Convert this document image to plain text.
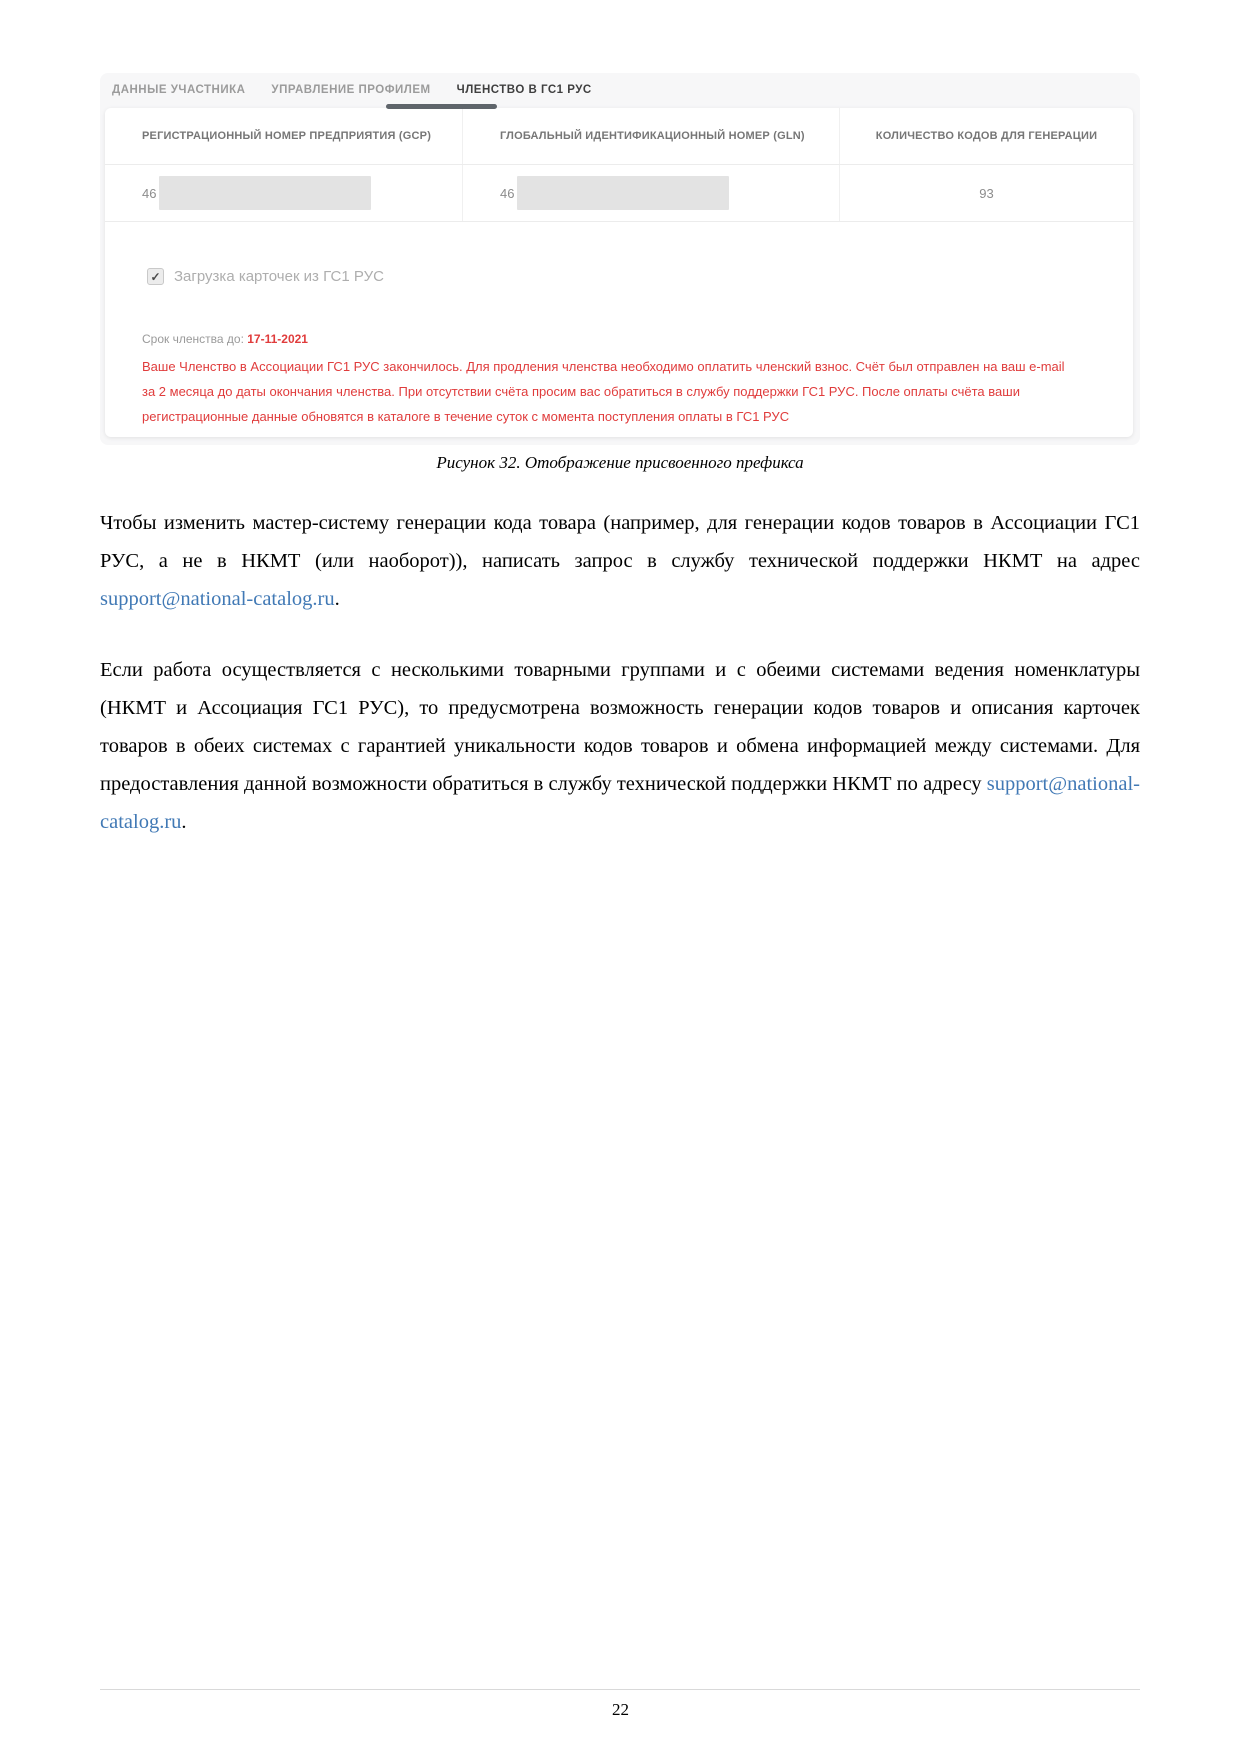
ДАННЫЕ УЧАСТНИКА УПРАВЛЕНИЕ ПРОФИЛЕМ ЧЛЕНСТВО В ГС1 РУС
РЕГИСТРАЦИОННЫЙ НОМЕР ПРЕДПРИЯТИЯ (GCP)	ГЛОБАЛЬНЫЙ ИДЕНТИФИКАЦИОННЫЙ НОМЕР (GLN)	КОЛИЧЕСТВО КОДОВ ДЛЯ ГЕНЕРАЦИИ
46	46	93
✓ Загрузка карточек из ГС1 РУС
Срок членства до: 17-11-2021
Ваше Членство в Ассоциации ГС1 РУС закончилось. Для продления членства необходимо оплатить членский взнос. Счёт был отправлен на ваш e-mail за 2 месяца до даты окончания членства. При отсутствии счёта просим вас обратиться в службу поддержки ГС1 РУС. После оплаты счёта ваши регистрационные данные обновятся в каталоге в течение суток с момента поступления оплаты в ГС1 РУС
Рисунок 32. Отображение присвоенного префикса

Чтобы изменить мастер-систему генерации кода товара (например, для генерации кодов товаров в Ассоциации ГС1 РУС, а не в НКМТ (или наоборот)), написать запрос в службу технической поддержки НКМТ на адрес support@national-catalog.ru.

Если работа осуществляется с несколькими товарными группами и с обеими системами ведения номенклатуры (НКМТ и Ассоциация ГС1 РУС), то предусмотрена возможность генерации кодов товаров и описания карточек товаров в обеих системах с гарантией уникальности кодов товаров и обмена информацией между системами. Для предоставления данной возможности обратиться в службу технической поддержки НКМТ по адресу support@national-catalog.ru.

22
